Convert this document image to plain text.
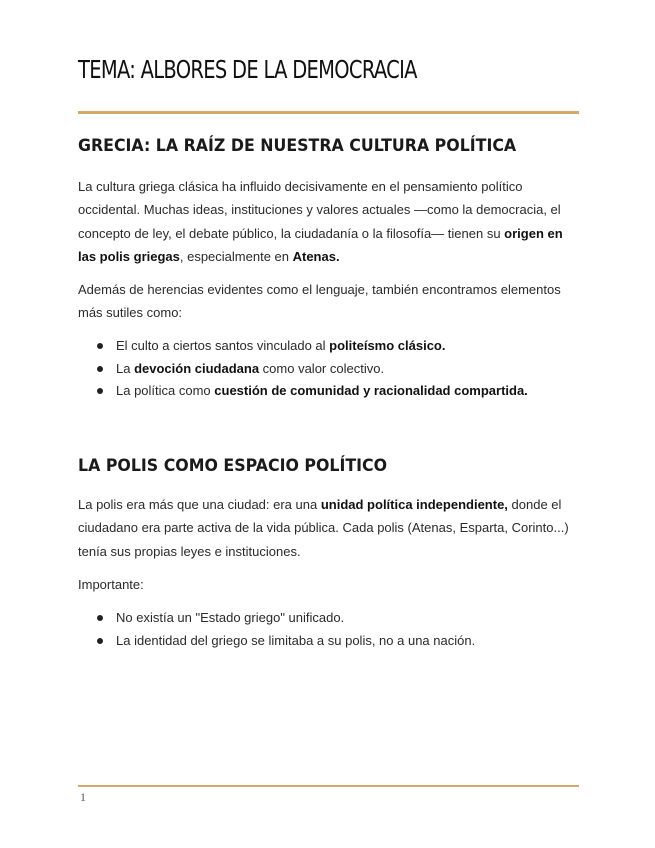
TEMA: ALBORES DE LA DEMOCRACIA
GRECIA: LA RAÍZ DE NUESTRA CULTURA POLÍTICA

La cultura griega clásica ha influido decisivamente en el pensamiento político occidental. Muchas ideas, instituciones y valores actuales —como la democracia, el concepto de ley, el debate público, la ciudadanía o la filosofía— tienen su origen en las polis griegas, especialmente en Atenas.

Además de herencias evidentes como el lenguaje, también encontramos elementos más sutiles como:

El culto a ciertos santos vinculado al politeísmo clásico.
La devoción ciudadana como valor colectivo.
La política como cuestión de comunidad y racionalidad compartida.
LA POLIS COMO ESPACIO POLÍTICO

La polis era más que una ciudad: era una unidad política independiente, donde el ciudadano era parte activa de la vida pública. Cada polis (Atenas, Esparta, Corinto...) tenía sus propias leyes e instituciones.

Importante:

No existía un "Estado griego" unificado.
La identidad del griego se limitaba a su polis, no a una nación.
1
